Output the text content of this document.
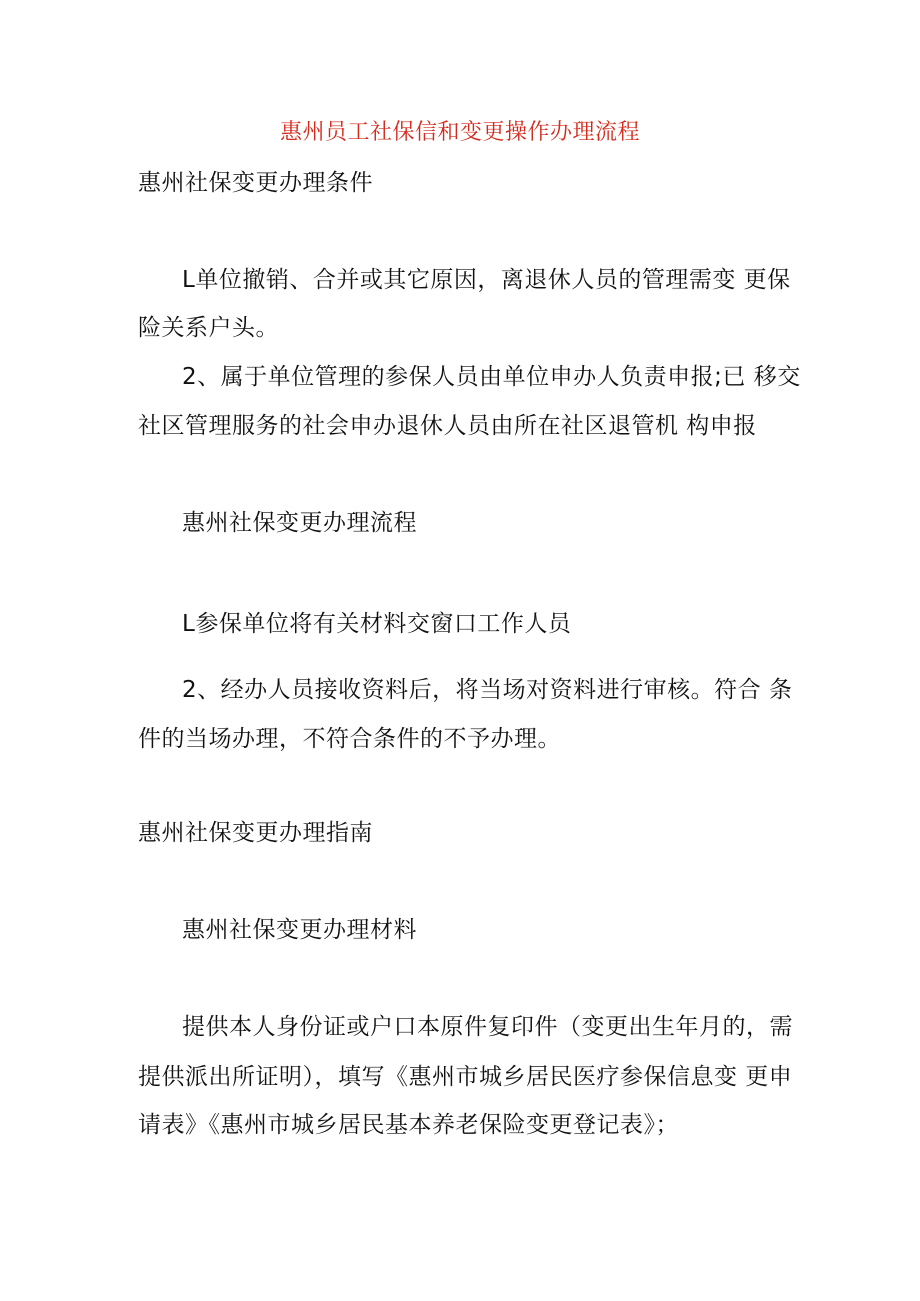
惠州员工社保信和变更操作办理流程
惠州社保变更办理条件
L单位撤销、合并或其它原因，离退休人员的管理需变 更保
险关系户头。
2、属于单位管理的参保人员由单位申办人负责申报;已 移交
社区管理服务的社会申办退休人员由所在社区退管机 构申报
惠州社保变更办理流程
L参保单位将有关材料交窗口工作人员
2、经办人员接收资料后，将当场对资料进行审核。符合 条
件的当场办理，不符合条件的不予办理。
惠州社保变更办理指南
惠州社保变更办理材料
提供本人身份证或户口本原件复印件（变更出生年月的，需
提供派出所证明），填写《惠州市城乡居民医疗参保信息变 更申
请表》《惠州市城乡居民基本养老保险变更登记表》；
